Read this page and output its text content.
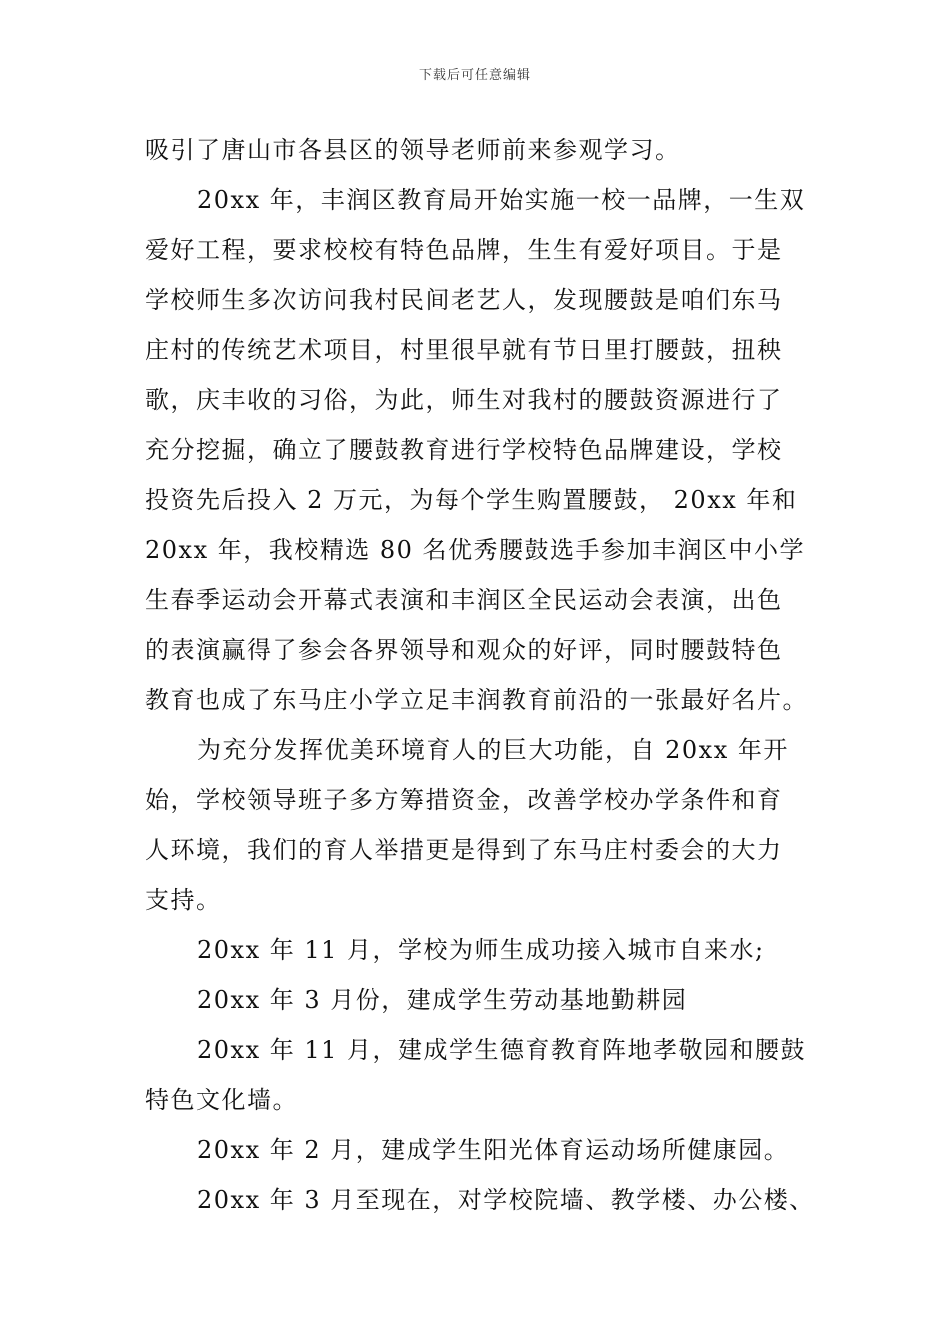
下载后可任意编辑
吸引了唐山市各县区的领导老师前来参观学习。
20xx 年，丰润区教育局开始实施一校一品牌，一生双
爱好工程，要求校校有特色品牌，生生有爱好项目。于是
学校师生多次访问我村民间老艺人，发现腰鼓是咱们东马
庄村的传统艺术项目，村里很早就有节日里打腰鼓，扭秧
歌，庆丰收的习俗，为此，师生对我村的腰鼓资源进行了
充分挖掘，确立了腰鼓教育进行学校特色品牌建设，学校
投资先后投入 2 万元，为每个学生购置腰鼓， 20xx 年和
20xx 年，我校精选 80 名优秀腰鼓选手参加丰润区中小学
生春季运动会开幕式表演和丰润区全民运动会表演，出色
的表演赢得了参会各界领导和观众的好评，同时腰鼓特色
教育也成了东马庄小学立足丰润教育前沿的一张最好名片。
为充分发挥优美环境育人的巨大功能，自 20xx 年开
始，学校领导班子多方筹措资金，改善学校办学条件和育
人环境，我们的育人举措更是得到了东马庄村委会的大力
支持。
20xx 年 11 月，学校为师生成功接入城市自来水;
20xx 年 3 月份，建成学生劳动基地勤耕园
20xx 年 11 月，建成学生德育教育阵地孝敬园和腰鼓
特色文化墙。
20xx 年 2 月，建成学生阳光体育运动场所健康园。
20xx 年 3 月至现在，对学校院墙、教学楼、办公楼、
